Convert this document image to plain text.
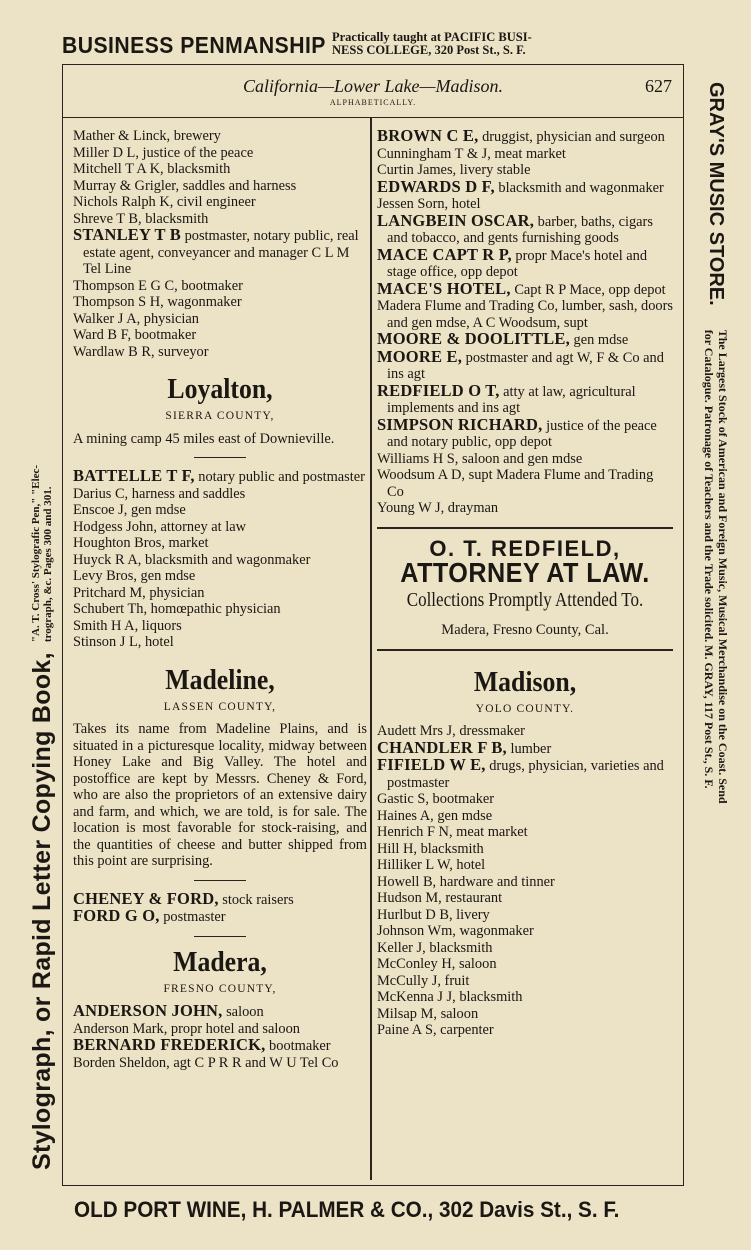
BUSINESS PENMANSHIP Practically taught at PACIFIC BUSI-
NESS COLLEGE, 320 Post St., S. F.
Stylograph, or Rapid Letter Copying Book,
"A. T. Cross' Stylografic Pen," "Elec- trograph, &c. Pages 300 and 301.
GRAY'S MUSIC STORE.
The Largest Stock of American and Foreign Music, Musical Merchandise on the Coast. Send
for Catalogue. Patronage of Teachers and the Trade solicited. M. GRAY, 117 Post St., S. F.
California—Lower Lake—Madison.	627
ALPHABETICALLY.
Mather & Linck, brewery
Miller D L, justice of the peace
Mitchell T A K, blacksmith
Murray & Grigler, saddles and harness
Nichols Ralph K, civil engineer
Shreve T B, blacksmith
STANLEY T B postmaster, notary public, real estate agent, conveyancer and manager C L M Tel Line
Thompson E G C, bootmaker
Thompson S H, wagonmaker
Walker J A, physician
Ward B F, bootmaker
Wardlaw B R, surveyor
Loyalton,
SIERRA COUNTY,
A mining camp 45 miles east of Downieville.
BATTELLE T F, notary public and postmaster
Darius C, harness and saddles
Enscoe J, gen mdse
Hodgess John, attorney at law
Houghton Bros, market
Huyck R A, blacksmith and wagonmaker
Levy Bros, gen mdse
Pritchard M, physician
Schubert Th, homœpathic physician
Smith H A, liquors
Stinson J L, hotel
Madeline,
LASSEN COUNTY,
Takes its name from Madeline Plains, and is situated in a picturesque locality, midway between Honey Lake and Big Valley. The hotel and postoffice are kept by Messrs. Cheney & Ford, who are also the proprietors of an extensive dairy and farm, and which, we are told, is for sale. The location is most favorable for stock-raising, and the quantities of cheese and butter shipped from this point are surprising.
CHENEY & FORD, stock raisers
FORD G O, postmaster
Madera,
FRESNO COUNTY,
ANDERSON JOHN, saloon
Anderson Mark, propr hotel and saloon
BERNARD FREDERICK, bootmaker
Borden Sheldon, agt C P R R and W U Tel Co
BROWN C E, druggist, physician and surgeon
Cunningham T & J, meat market
Curtin James, livery stable
EDWARDS D F, blacksmith and wagonmaker
Jessen Sorn, hotel
LANGBEIN OSCAR, barber, baths, cigars and tobacco, and gents furnishing goods
MACE CAPT R P, propr Mace's hotel and stage office, opp depot
MACE'S HOTEL, Capt R P Mace, opp depot
Madera Flume and Trading Co, lumber, sash, doors and gen mdse, A C Woodsum, supt
MOORE & DOOLITTLE, gen mdse
MOORE E, postmaster and agt W, F & Co and ins agt
REDFIELD O T, atty at law, agricultural implements and ins agt
SIMPSON RICHARD, justice of the peace and notary public, opp depot
Williams H S, saloon and gen mdse
Woodsum A D, supt Madera Flume and Trading Co
Young W J, drayman
O. T. REDFIELD,
ATTORNEY AT LAW.
Collections Promptly Attended To.
Madera, Fresno County, Cal.
Madison,
YOLO COUNTY.
Audett Mrs J, dressmaker
CHANDLER F B, lumber
FIFIELD W E, drugs, physician, varieties and postmaster
Gastic S, bootmaker
Haines A, gen mdse
Henrich F N, meat market
Hill H, blacksmith
Hilliker L W, hotel
Howell B, hardware and tinner
Hudson M, restaurant
Hurlbut D B, livery
Johnson Wm, wagonmaker
Keller J, blacksmith
McConley H, saloon
McCully J, fruit
McKenna J J, blacksmith
Milsap M, saloon
Paine A S, carpenter
OLD PORT WINE, H. PALMER & CO., 302 Davis St., S. F.
